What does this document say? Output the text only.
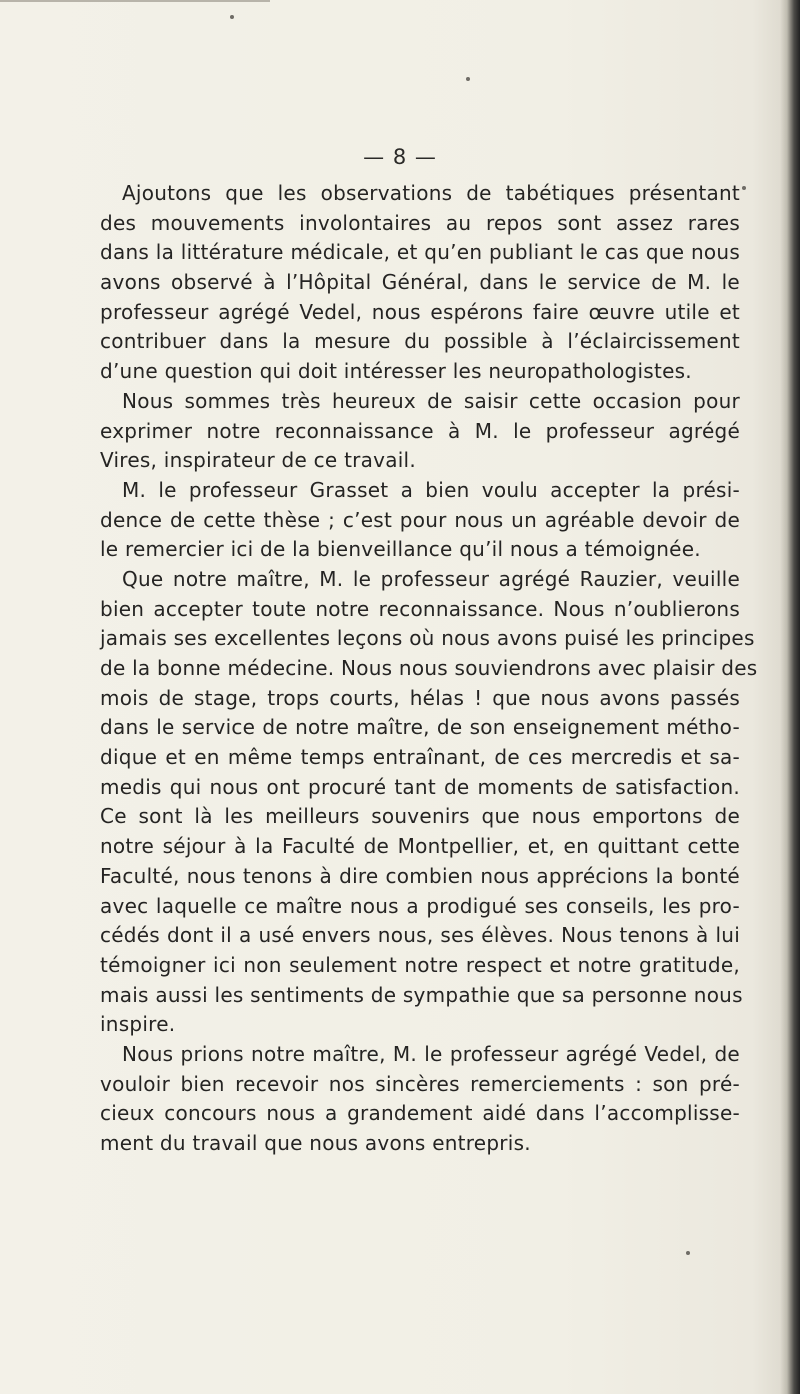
— 8 —
Ajoutons que les observations de tabétiques présentant
des mouvements involontaires au repos sont assez rares
dans la littérature médicale, et qu’en publiant le cas que nous
avons observé à l’Hôpital Général, dans le service de M. le
professeur agrégé Vedel, nous espérons faire œuvre utile et
contribuer dans la mesure du possible à l’éclaircissement
d’une question qui doit intéresser les neuropathologistes.
Nous sommes très heureux de saisir cette occasion pour
exprimer notre reconnaissance à M. le professeur agrégé
Vires, inspirateur de ce travail.
M. le professeur Grasset a bien voulu accepter la prési-
dence de cette thèse ; c’est pour nous un agréable devoir de
le remercier ici de la bienveillance qu’il nous a témoignée.
Que notre maître, M. le professeur agrégé Rauzier, veuille
bien accepter toute notre reconnaissance. Nous n’oublierons
jamais ses excellentes leçons où nous avons puisé les principes
de la bonne médecine. Nous nous souviendrons avec plaisir des
mois de stage, trops courts, hélas ! que nous avons passés
dans le service de notre maître, de son enseignement métho-
dique et en même temps entraînant, de ces mercredis et sa-
medis qui nous ont procuré tant de moments de satisfaction.
Ce sont là les meilleurs souvenirs que nous emportons de
notre séjour à la Faculté de Montpellier, et, en quittant cette
Faculté, nous tenons à dire combien nous apprécions la bonté
avec laquelle ce maître nous a prodigué ses conseils, les pro-
cédés dont il a usé envers nous, ses élèves. Nous tenons à lui
témoigner ici non seulement notre respect et notre gratitude,
mais aussi les sentiments de sympathie que sa personne nous
inspire.
Nous prions notre maître, M. le professeur agrégé Vedel, de
vouloir bien recevoir nos sincères remerciements : son pré-
cieux concours nous a grandement aidé dans l’accomplisse-
ment du travail que nous avons entrepris.
